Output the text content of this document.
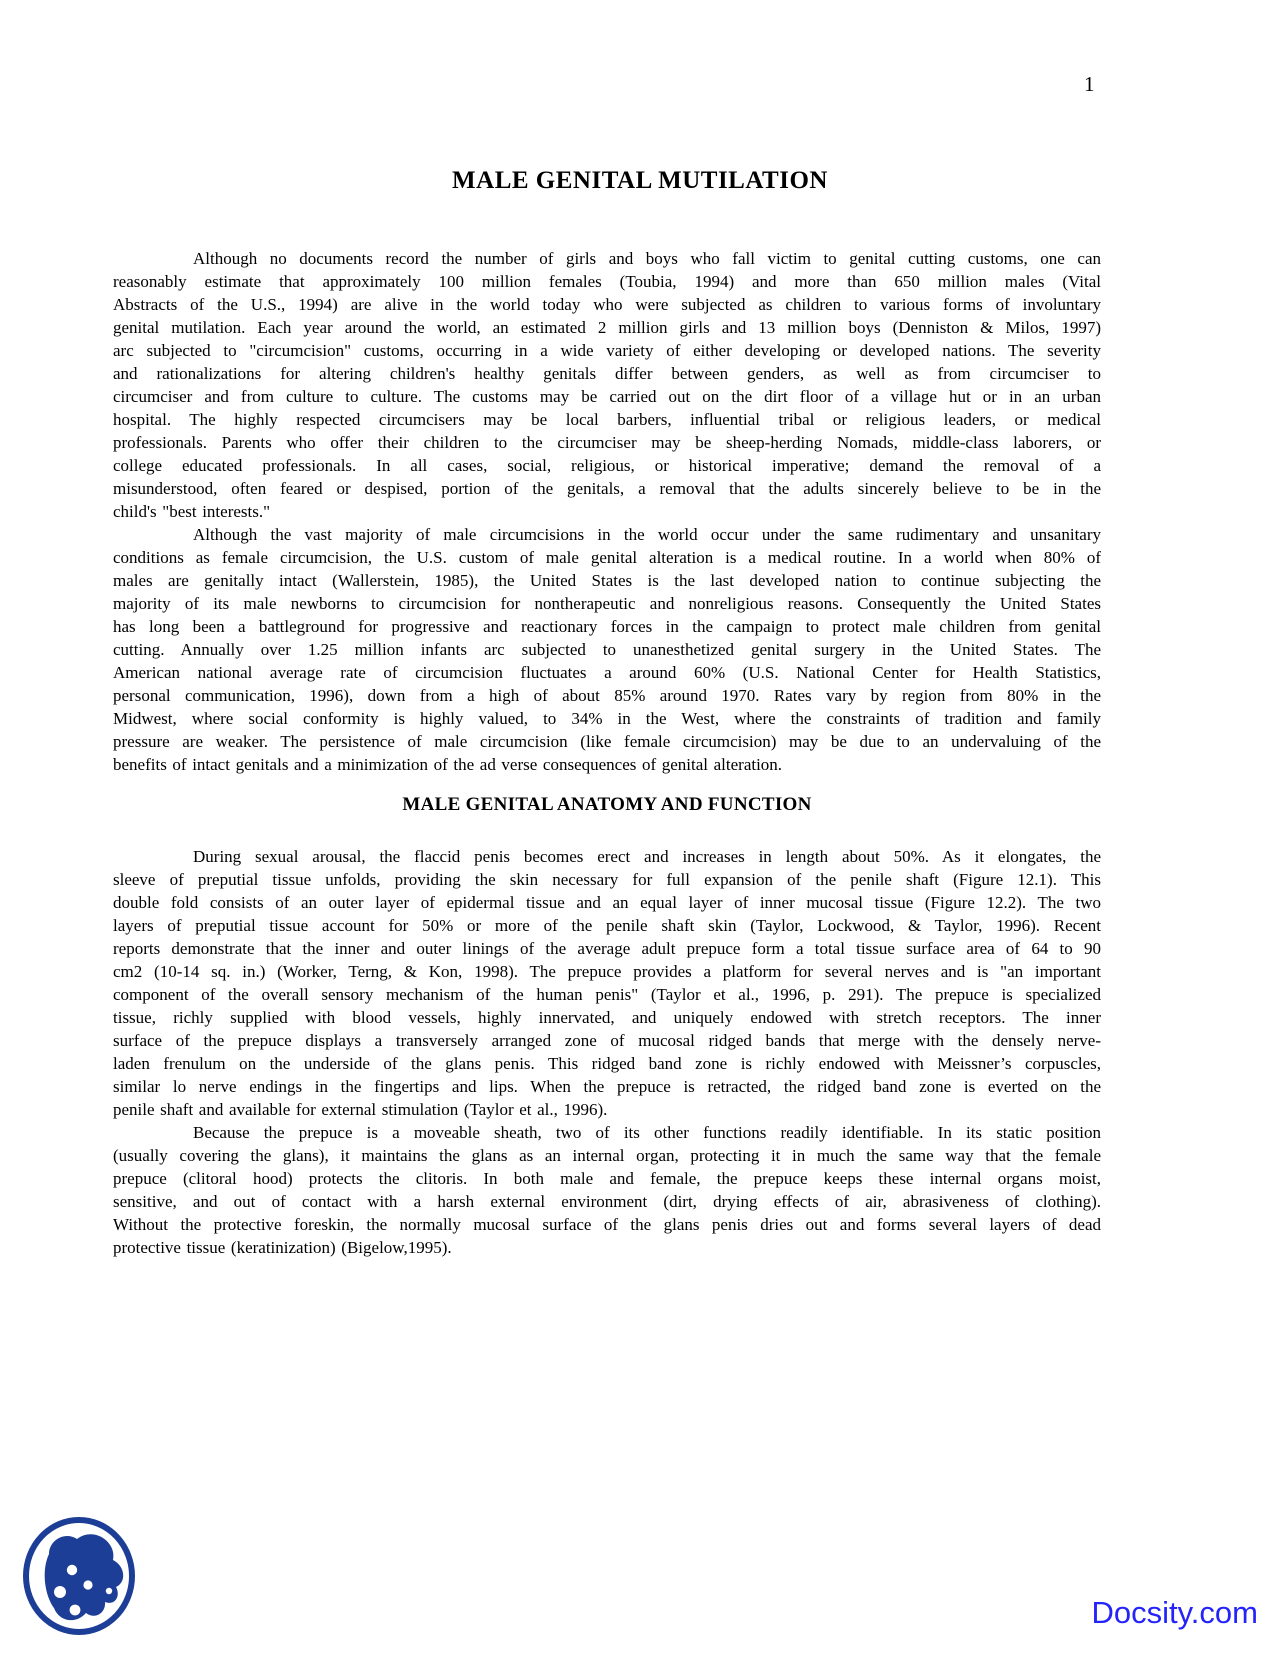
1
MALE GENITAL MUTILATION
Although no documents record the number of girls and boys who fall victim to genital cutting customs, one can
reasonably estimate that approximately 100 million females (Toubia, 1994) and more than 650 million males (Vital
Abstracts of the U.S., 1994) are alive in the world today who were subjected as children to various forms of involuntary
genital mutilation. Each year around the world, an estimated 2 million girls and 13 million boys (Denniston & Milos, 1997)
arc subjected to "circumcision" customs, occurring in a wide variety of either developing or developed nations. The severity
and rationalizations for altering children's healthy genitals differ between genders, as well as from circumciser to
circumciser and from culture to culture. The customs may be carried out on the dirt floor of a village hut or in an urban
hospital. The highly respected circumcisers may be local barbers, influential tribal or religious leaders, or medical
professionals. Parents who offer their children to the circumciser may be sheep-herding Nomads, middle-class laborers, or
college educated professionals. In all cases, social, religious, or historical imperative; demand the removal of a
misunderstood, often feared or despised, portion of the genitals, a removal that the adults sincerely believe to be in the
child's "best interests."
Although the vast majority of male circumcisions in the world occur under the same rudimentary and unsanitary
conditions as female circumcision, the U.S. custom of male genital alteration is a medical routine. In a world when 80% of
males are genitally intact (Wallerstein, 1985), the United States is the last developed nation to continue subjecting the
majority of its male newborns to circumcision for nontherapeutic and nonreligious reasons. Consequently the United States
has long been a battleground for progressive and reactionary forces in the campaign to protect male children from genital
cutting. Annually over 1.25 million infants arc subjected to unanesthetized genital surgery in the United States. The
American national average rate of circumcision fluctuates a around 60% (U.S. National Center for Health Statistics,
personal communication, 1996), down from a high of about 85% around 1970. Rates vary by region from 80% in the
Midwest, where social conformity is highly valued, to 34% in the West, where the constraints of tradition and family
pressure are weaker. The persistence of male circumcision (like female circumcision) may be due to an undervaluing of the
benefits of intact genitals and a minimization of the ad verse consequences of genital alteration.
MALE GENITAL ANATOMY AND FUNCTION
During sexual arousal, the flaccid penis becomes erect and increases in length about 50%. As it elongates, the
sleeve of preputial tissue unfolds, providing the skin necessary for full expansion of the penile shaft (Figure 12.1). This
double fold consists of an outer layer of epidermal tissue and an equal layer of inner mucosal tissue (Figure 12.2). The two
layers of preputial tissue account for 50% or more of the penile shaft skin (Taylor, Lockwood, & Taylor, 1996). Recent
reports demonstrate that the inner and outer linings of the average adult prepuce form a total tissue surface area of 64 to 90
cm2 (10-14 sq. in.) (Worker, Terng, & Kon, 1998). The prepuce provides a platform for several nerves and is "an important
component of the overall sensory mechanism of the human penis" (Taylor et al., 1996, p. 291). The prepuce is specialized
tissue, richly supplied with blood vessels, highly innervated, and uniquely endowed with stretch receptors. The inner
surface of the prepuce displays a transversely arranged zone of mucosal ridged bands that merge with the densely nerve-
laden frenulum on the underside of the glans penis. This ridged band zone is richly endowed with Meissner’s corpuscles,
similar lo nerve endings in the fingertips and lips. When the prepuce is retracted, the ridged band zone is everted on the
penile shaft and available for external stimulation (Taylor et al., 1996).
Because the prepuce is a moveable sheath, two of its other functions readily identifiable. In its static position
(usually covering the glans), it maintains the glans as an internal organ, protecting it in much the same way that the female
prepuce (clitoral hood) protects the clitoris. In both male and female, the prepuce keeps these internal organs moist,
sensitive, and out of contact with a harsh external environment (dirt, drying effects of air, abrasiveness of clothing).
Without the protective foreskin, the normally mucosal surface of the glans penis dries out and forms several layers of dead
protective tissue (keratinization) (Bigelow,1995).
Docsity.com
